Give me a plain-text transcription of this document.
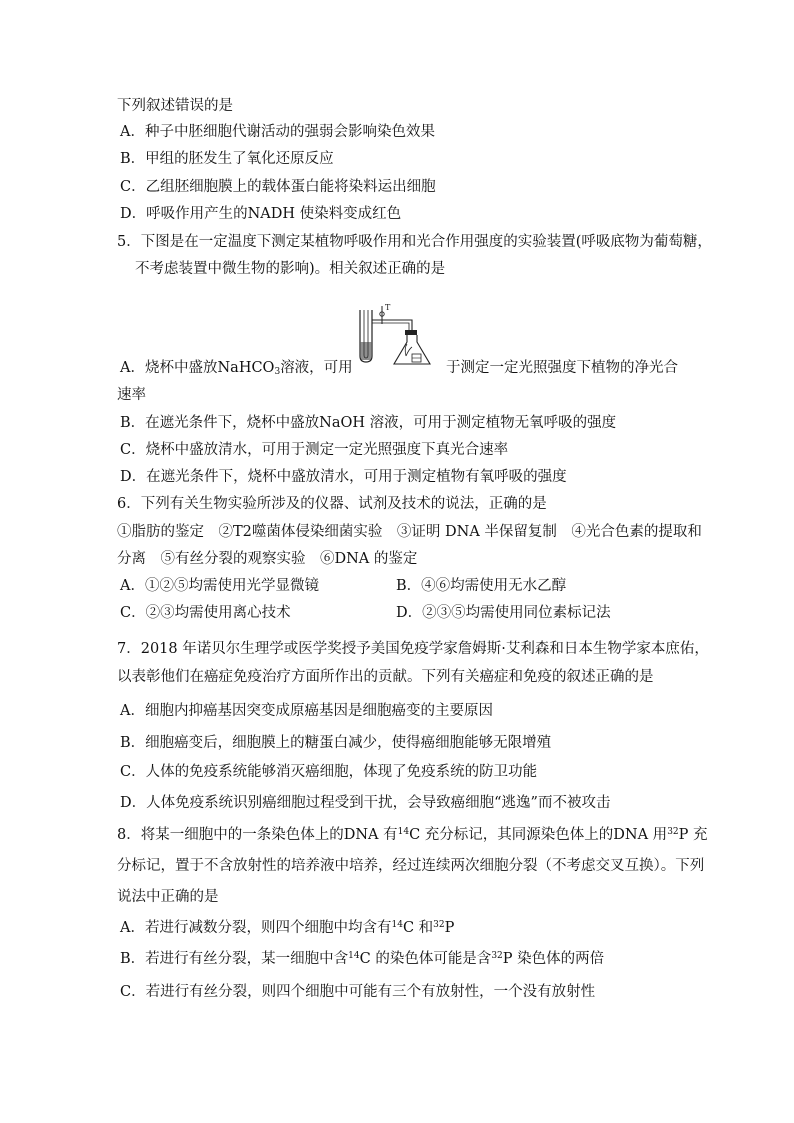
下列叙述错误的是
A．种子中胚细胞代谢活动的强弱会影响染色效果
B．甲组的胚发生了氧化还原反应
C．乙组胚细胞膜上的载体蛋白能将染料运出细胞
D．呼吸作用产生的NADH 使染料变成红色
5．下图是在一定温度下测定某植物呼吸作用和光合作用强度的实验装置(呼吸底物为葡萄糖，
不考虑装置中微生物的影响)。相关叙述正确的是
T
A．烧杯中盛放NaHCO$_3$溶液，可用	于测定一定光照强度下植物的净光合
速率
B．在遮光条件下，烧杯中盛放NaOH 溶液，可用于测定植物无氧呼吸的强度
C．烧杯中盛放清水，可用于测定一定光照强度下真光合速率
D．在遮光条件下，烧杯中盛放清水，可用于测定植物有氧呼吸的强度
6．下列有关生物实验所涉及的仪器、试剂及技术的说法，正确的是
①脂肪的鉴定　②T2噬菌体侵染细菌实验　③证明 DNA 半保留复制　④光合色素的提取和
分离　⑤有丝分裂的观察实验　⑥DNA 的鉴定
A．①②⑤均需使用光学显微镜	B．④⑥均需使用无水乙醇
C．②③均需使用离心技术	D．②③⑤均需使用同位素标记法
7．2018 年诺贝尔生理学或医学奖授予美国免疫学家詹姆斯·艾利森和日本生物学家本庶佑，
以表彰他们在癌症免疫治疗方面所作出的贡献。下列有关癌症和免疫的叙述正确的是
A．细胞内抑癌基因突变成原癌基因是细胞癌变的主要原因
B．细胞癌变后，细胞膜上的糖蛋白减少，使得癌细胞能够无限增殖
C．人体的免疫系统能够消灭癌细胞，体现了免疫系统的防卫功能
D．人体免疫系统识别癌细胞过程受到干扰，会导致癌细胞“逃逸”而不被攻击
8．将某一细胞中的一条染色体上的DNA 有$^{14}$C 充分标记，其同源染色体上的DNA 用$^{32}$P 充
分标记，置于不含放射性的培养液中培养，经过连续两次细胞分裂（不考虑交叉互换）。下列
说法中正确的是
A．若进行减数分裂，则四个细胞中均含有$^{14}$C 和$^{32}$P
B．若进行有丝分裂，某一细胞中含$^{14}$C 的染色体可能是含$^{32}$P 染色体的两倍
C．若进行有丝分裂，则四个细胞中可能有三个有放射性，一个没有放射性
